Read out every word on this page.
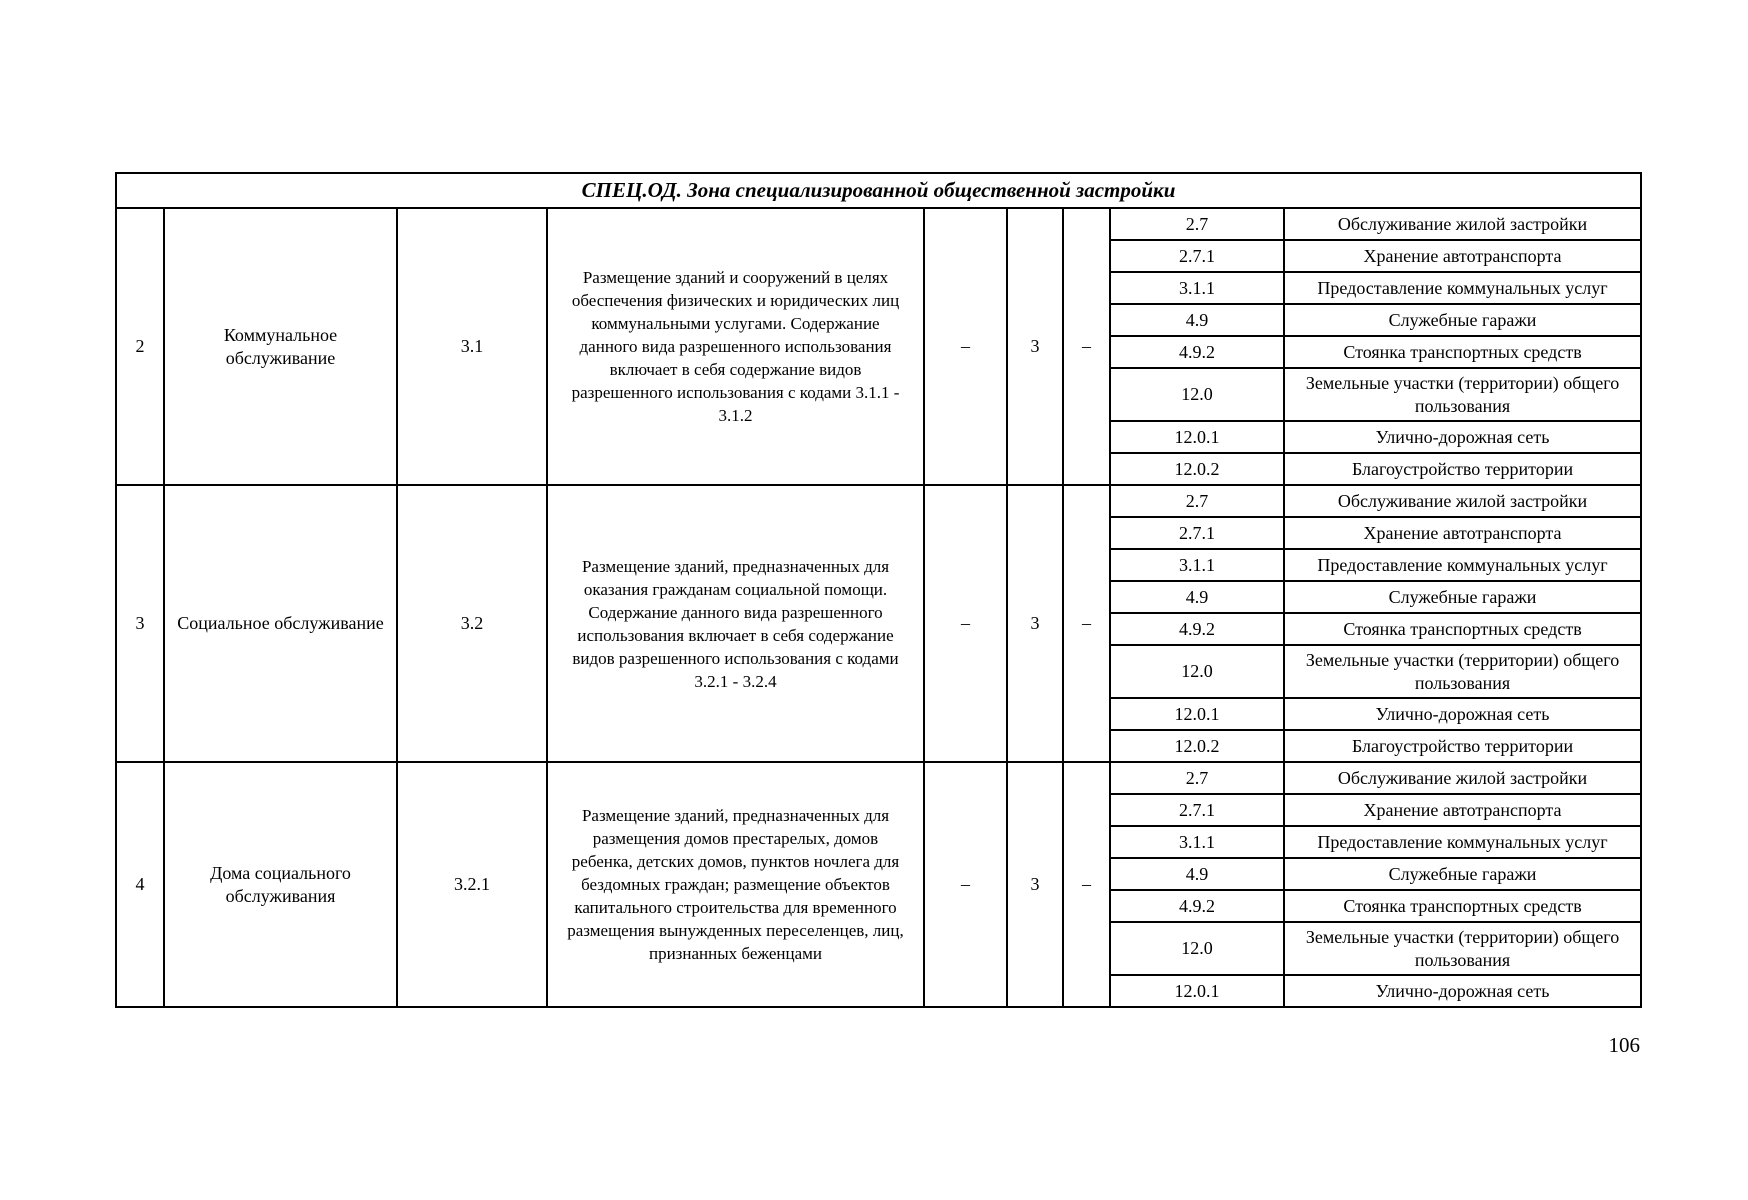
СПЕЦ.ОД. Зона специализированной общественной застройки								
2	Коммунальное обслуживание	3.1	Размещение зданий и сооружений в целях обеспечения физических и юридических лиц коммунальными услугами. Содержание данного вида разрешенного использования включает в себя содержание видов разрешенного использования с кодами 3.1.1 - 3.1.2	–	3	–	2.7	Обслуживание жилой застройки
							2.7.1	Хранение автотранспорта
							3.1.1	Предоставление коммунальных услуг
							4.9	Служебные гаражи
							4.9.2	Стоянка транспортных средств
							12.0	Земельные участки (территории) общего пользования
							12.0.1	Улично-дорожная сеть
							12.0.2	Благоустройство территории
3	Социальное обслуживание	3.2	Размещение зданий, предназначенных для оказания гражданам социальной помощи. Содержание данного вида разрешенного использования включает в себя содержание видов разрешенного использования с кодами 3.2.1 - 3.2.4	–	3	–	2.7	Обслуживание жилой застройки
							2.7.1	Хранение автотранспорта
							3.1.1	Предоставление коммунальных услуг
							4.9	Служебные гаражи
							4.9.2	Стоянка транспортных средств
							12.0	Земельные участки (территории) общего пользования
							12.0.1	Улично-дорожная сеть
							12.0.2	Благоустройство территории
4	Дома социального обслуживания	3.2.1	Размещение зданий, предназначенных для размещения домов престарелых, домов ребенка, детских домов, пунктов ночлега для бездомных граждан; размещение объектов капитального строительства для временного размещения вынужденных переселенцев, лиц, признанных беженцами	–	3	–	2.7	Обслуживание жилой застройки
							2.7.1	Хранение автотранспорта
							3.1.1	Предоставление коммунальных услуг
							4.9	Служебные гаражи
							4.9.2	Стоянка транспортных средств
							12.0	Земельные участки (территории) общего пользования
							12.0.1	Улично-дорожная сеть
106
